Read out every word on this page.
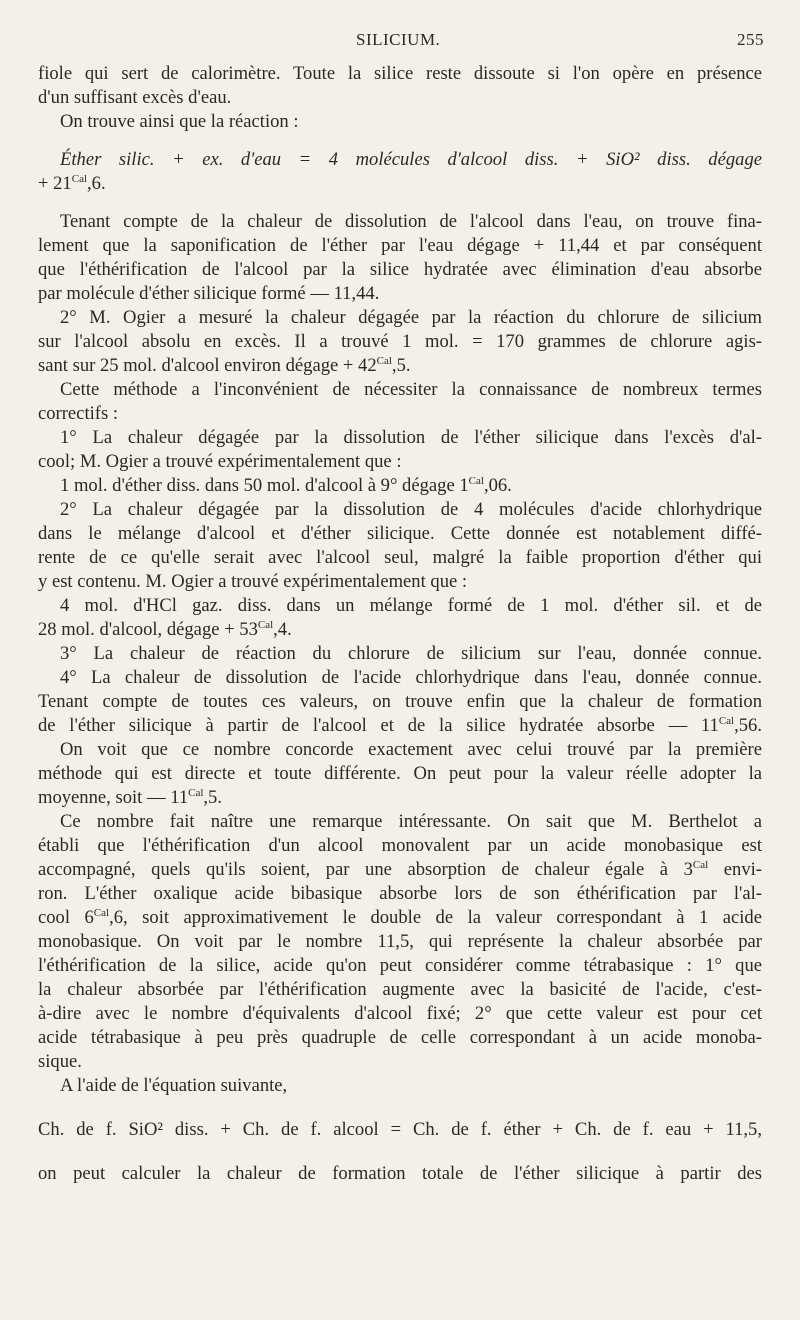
SILICIUM.	255
fiole qui sert de calorimètre. Toute la silice reste dissoute si l'on opère en présence
d'un suffisant excès d'eau.
On trouve ainsi que la réaction :
Éther silic. + ex. d'eau = 4 molécules d'alcool diss. + SiO² diss. dégage
+ $21^{Cal},6$.
Tenant compte de la chaleur de dissolution de l'alcool dans l'eau, on trouve fina-
lement que la saponification de l'éther par l'eau dégage + 11,44 et par conséquent
que l'éthérification de l'alcool par la silice hydratée avec élimination d'eau absorbe
par molécule d'éther silicique formé — 11,44.
2° M. Ogier a mesuré la chaleur dégagée par la réaction du chlorure de silicium
sur l'alcool absolu en excès. Il a trouvé 1 mol. = 170 grammes de chlorure agis-
sant sur 25 mol. d'alcool environ dégage + $42^{Cal},5$.
Cette méthode a l'inconvénient de nécessiter la connaissance de nombreux termes
correctifs :
1° La chaleur dégagée par la dissolution de l'éther silicique dans l'excès d'al-
cool; M. Ogier a trouvé expérimentalement que :
1 mol. d'éther diss. dans 50 mol. d'alcool à 9° dégage $1^{Cal},06$.
2° La chaleur dégagée par la dissolution de 4 molécules d'acide chlorhydrique
dans le mélange d'alcool et d'éther silicique. Cette donnée est notablement diffé-
rente de ce qu'elle serait avec l'alcool seul, malgré la faible proportion d'éther qui
y est contenu. M. Ogier a trouvé expérimentalement que :
4 mol. d'HCl gaz. diss. dans un mélange formé de 1 mol. d'éther sil. et de
28 mol. d'alcool, dégage + $53^{Cal},4$.
3° La chaleur de réaction du chlorure de silicium sur l'eau, donnée connue.
4° La chaleur de dissolution de l'acide chlorhydrique dans l'eau, donnée connue.
Tenant compte de toutes ces valeurs, on trouve enfin que la chaleur de formation
de l'éther silicique à partir de l'alcool et de la silice hydratée absorbe — $11^{Cal},56$.
On voit que ce nombre concorde exactement avec celui trouvé par la première
méthode qui est directe et toute différente. On peut pour la valeur réelle adopter la
moyenne, soit — $11^{Cal},5$.
Ce nombre fait naître une remarque intéressante. On sait que M. Berthelot a
établi que l'éthérification d'un alcool monovalent par un acide monobasique est
accompagné, quels qu'ils soient, par une absorption de chaleur égale à $3^{Cal}$ envi-
ron. L'éther oxalique acide bibasique absorbe lors de son éthérification par l'al-
cool $6^{Cal},6$, soit approximativement le double de la valeur correspondant à 1 acide
monobasique. On voit par le nombre 11,5, qui représente la chaleur absorbée par
l'éthérification de la silice, acide qu'on peut considérer comme tétrabasique : 1° que
la chaleur absorbée par l'éthérification augmente avec la basicité de l'acide, c'est-
à-dire avec le nombre d'équivalents d'alcool fixé; 2° que cette valeur est pour cet
acide tétrabasique à peu près quadruple de celle correspondant à un acide monoba-
sique.
A l'aide de l'équation suivante,
Ch. de f. SiO² diss. + Ch. de f. alcool = Ch. de f. éther + Ch. de f. eau + 11,5,
on peut calculer la chaleur de formation totale de l'éther silicique à partir des
